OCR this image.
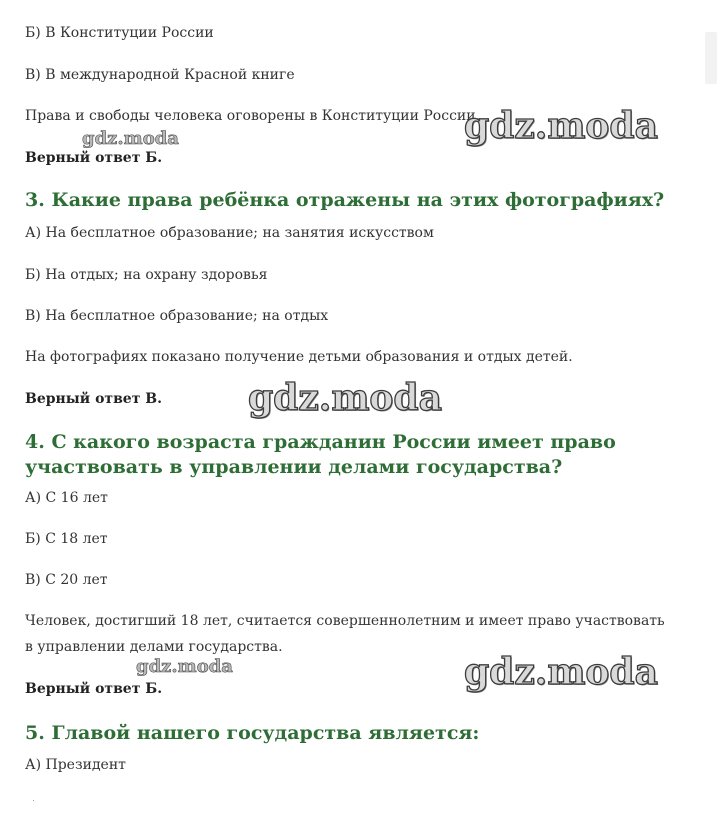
Б) В Конституции России

В) В международной Красной книге

Права и свободы человека оговорены в Конституции России.

Верный ответ Б.

3. Какие права ребёнка отражены на этих фотографиях?

А) На бесплатное образование; на занятия искусством

Б) На отдых; на охрану здоровья

В) На бесплатное образование; на отдых

На фотографиях показано получение детьми образования и отдых детей.

Верный ответ В.

4. С какого возраста гражданин России имеет право участвовать в управлении делами государства?

А) С 16 лет

Б) С 18 лет

В) С 20 лет

Человек, достигший 18 лет, считается совершеннолетним и имеет право участвовать в управлении делами государства.

Верный ответ Б.

5. Главой нашего государства является:

А) Президент

gdz.moda
gdz.moda
gdz.moda
gdz.moda
gdz.moda
